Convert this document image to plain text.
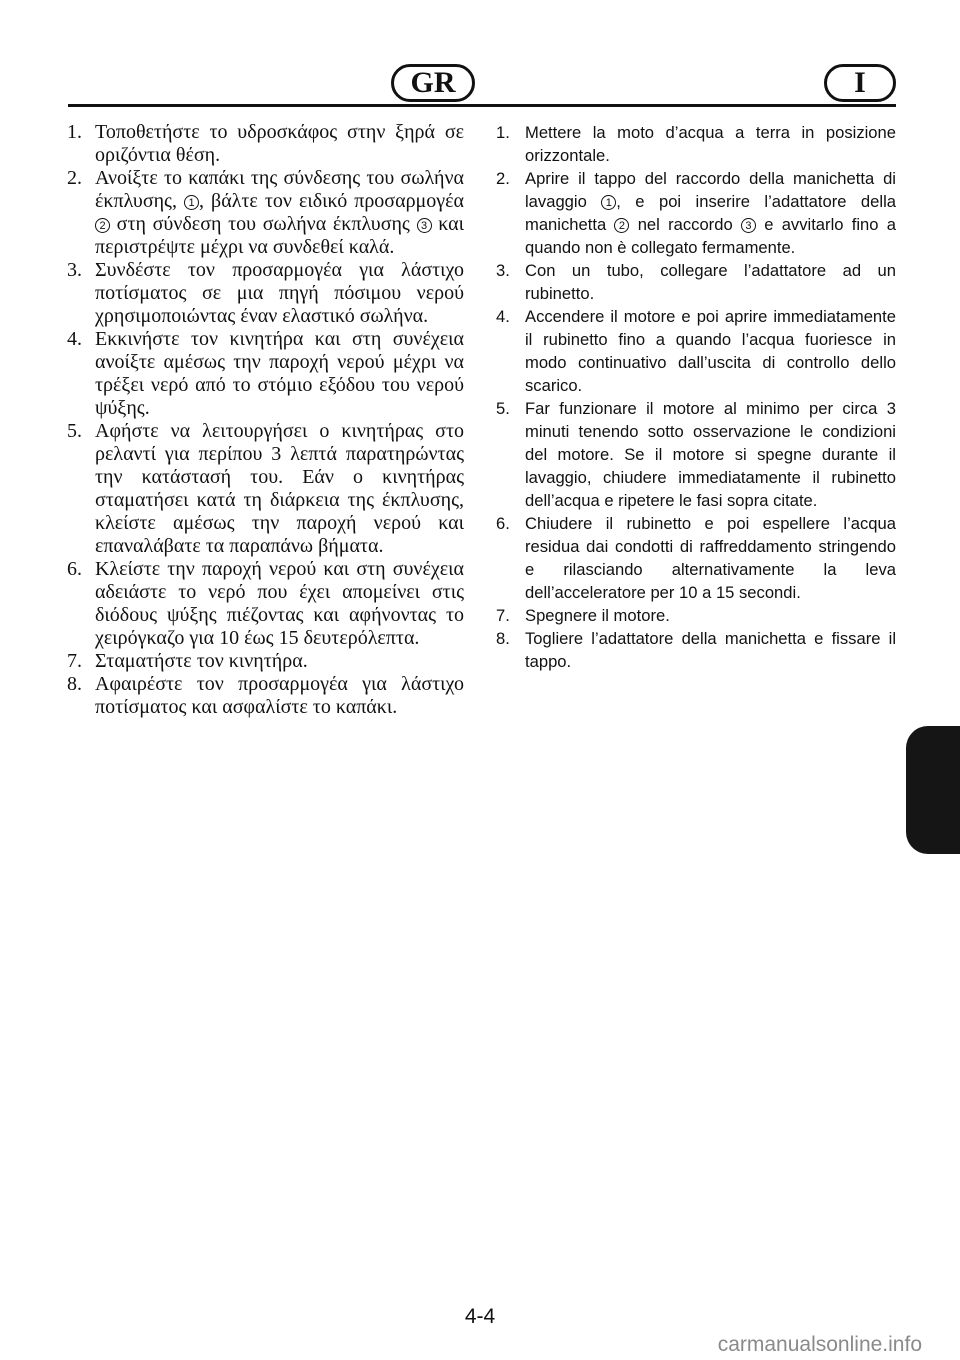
GR	I
1. Τοποθετήστε το υδροσκάφος στην ξηρά σε οριζόντια θέση.
2. Ανοίξτε το καπάκι της σύνδεσης του σωλήνα έκπλυσης, 1 , βάλτε τον ειδικό προσαρμογέα 2 στη σύνδεση του σωλήνα έκπλυσης 3 και περιστρέψτε μέχρι να συνδεθεί καλά.
3. Συνδέστε τον προσαρμογέα για λάστιχο ποτίσματος σε μια πηγή πόσιμου νερού χρησιμοποιώντας έναν ελαστικό σωλήνα.
4. Εκκινήστε τον κινητήρα και στη συνέχεια ανοίξτε αμέσως την παροχή νερού μέχρι να τρέξει νερό από το στόμιο εξόδου του νερού ψύξης.
5. Αφήστε να λειτουργήσει ο κινητήρας στο ρελαντί για περίπου 3 λεπτά παρατηρώντας την κατάστασή του. Εάν ο κινητήρας σταματήσει κατά τη διάρκεια της έκπλυσης, κλείστε αμέσως την παροχή νερού και επαναλάβατε τα παραπάνω βήματα.
6. Κλείστε την παροχή νερού και στη συνέχεια αδειάστε το νερό που έχει απομείνει στις διόδους ψύξης πιέζοντας και αφήνοντας το χειρόγκαζο για 10 έως 15 δευτερόλεπτα.
7. Σταματήστε τον κινητήρα.
8. Αφαιρέστε τον προσαρμογέα για λάστιχο ποτίσματος και ασφαλίστε το καπάκι.
1. Mettere la moto d’acqua a terra in posizione orizzontale.
2. Aprire il tappo del raccordo della manichetta di lavaggio 1 , e poi inserire l’adattatore della manichetta 2 nel raccordo 3 e avvitarlo fino a quando non è collegato fermamente.
3. Con un tubo, collegare l’adattatore ad un rubinetto.
4. Accendere il motore e poi aprire immediatamente il rubinetto fino a quando l’acqua fuoriesce in modo continuativo dall’uscita di controllo dello scarico.
5. Far funzionare il motore al minimo per circa 3 minuti tenendo sotto osservazione le condizioni del motore. Se il motore si spegne durante il lavaggio, chiudere immediatamente il rubinetto dell’acqua e ripetere le fasi sopra citate.
6. Chiudere il rubinetto e poi espellere l’acqua residua dai condotti di raffreddamento stringendo e rilasciando alternativamente la leva dell’acceleratore per 10 a 15 secondi.
7. Spegnere il motore.
8. Togliere l’adattatore della manichetta e fissare il tappo.
4-4
carmanualsonline.info
